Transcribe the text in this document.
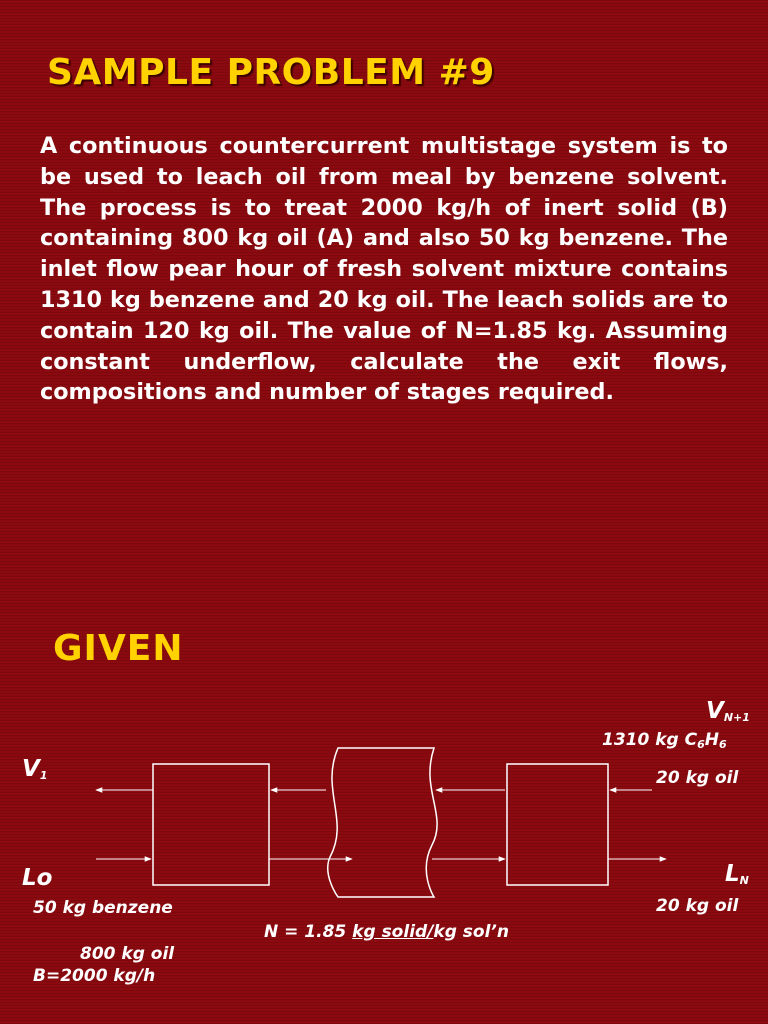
SAMPLE PROBLEM #9
A continuous countercurrent multistage system is to be used to leach oil from meal by benzene solvent. The process is to treat 2000 kg/h of inert solid (B) containing 800 kg oil (A) and also 50 kg benzene. The inlet flow pear hour of fresh solvent mixture contains 1310 kg benzene and 20 kg oil. The leach solids are to contain 120 kg oil. The value of N=1.85 kg. Assuming constant underflow, calculate the exit flows, compositions and number of stages required.
GIVEN
$V_1$
$V_{N+1}$
1310 kg $C_6H_6$
20 kg oil
Lo
50 kg benzene
800 kg oil
B=2000 kg/h
$L_N$
20 kg oil
N = 1.85 kg solid/kg sol’n
